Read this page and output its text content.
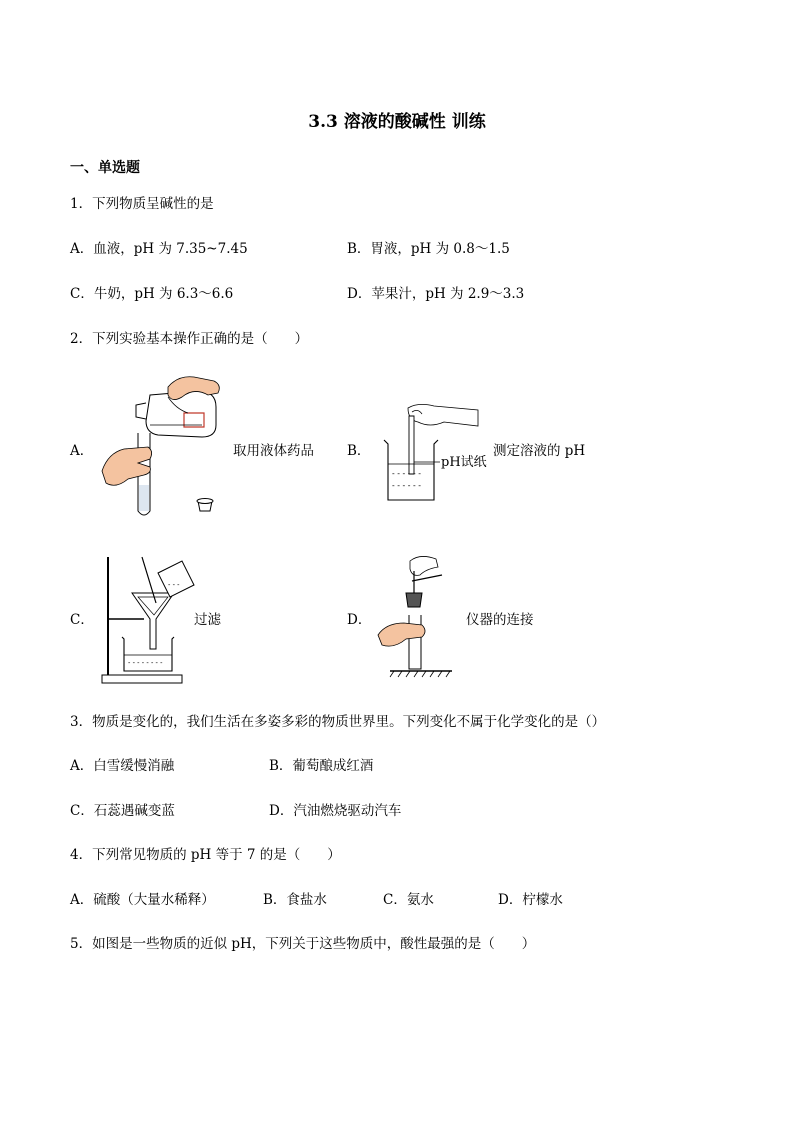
3.3 溶液的酸碱性 训练
一、单选题
1．下列物质呈碱性的是
A．血液，pH 为 7.35~7.45	B．胃液，pH 为 0.8～1.5
C．牛奶，pH 为 6.3～6.6	D．苹果汁，pH 为 2.9～3.3
2．下列实验基本操作正确的是（　　）
A．	取用液体药品 B．
- - - - - -
- - - - - -
pH试纸
测定溶液的 pH
C．
- - -
- - - - - - - -
过滤	D．	仪器的连接
3．物质是变化的，我们生活在多姿多彩的物质世界里。下列变化不属于化学变化的是（）
A．白雪缓慢消融	B．葡萄酿成红酒
C．石蕊遇碱变蓝	D．汽油燃烧驱动汽车
4．下列常见物质的 pH 等于 7 的是（　　）
A．硫酸（大量水稀释）	B．食盐水	C．氨水	D．柠檬水
5．如图是一些物质的近似 pH，下列关于这些物质中，酸性最强的是（　　）
